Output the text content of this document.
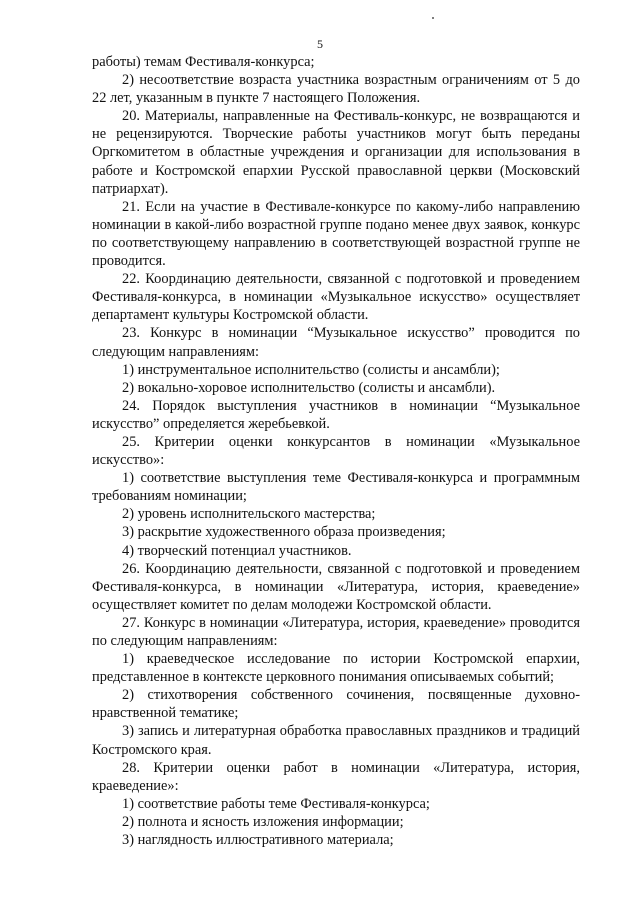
5

работы) темам Фестиваля-конкурса;

2) несоответствие возраста участника возрастным ограничениям от 5 до 22 лет, указанным в пункте 7 настоящего Положения.

20. Материалы, направленные на Фестиваль-конкурс, не возвращаются и не рецензируются. Творческие работы участников могут быть переданы Оргкомитетом в областные учреждения и организации для использования в работе и Костромской епархии Русской православной церкви (Московский патриархат).

21. Если на участие в Фестивале-конкурсе по какому-либо направлению номинации в какой-либо возрастной группе подано менее двух заявок, конкурс по соответствующему направлению в соответствующей возрастной группе не проводится.

22. Координацию деятельности, связанной с подготовкой и проведением Фестиваля-конкурса, в номинации «Музыкальное искусство» осуществляет департамент культуры Костромской области.

23. Конкурс в номинации “Музыкальное искусство” проводится по следующим направлениям:

1) инструментальное исполнительство (солисты и ансамбли);

2) вокально-хоровое исполнительство (солисты и ансамбли).

24. Порядок выступления участников в номинации “Музыкальное искусство” определяется жеребьевкой.

25. Критерии оценки конкурсантов в номинации «Музыкальное искусство»:

1) соответствие выступления теме Фестиваля-конкурса и программным требованиям номинации;

2) уровень исполнительского мастерства;

3) раскрытие художественного образа произведения;

4) творческий потенциал участников.

26. Координацию деятельности, связанной с подготовкой и проведением Фестиваля-конкурса, в номинации «Литература, история, краеведение» осуществляет комитет по делам молодежи Костромской области.

27. Конкурс в номинации «Литература, история, краеведение» проводится по следующим направлениям:

1) краеведческое исследование по истории Костромской епархии, представленное в контексте церковного понимания описываемых событий;

2) стихотворения собственного сочинения, посвященные духовно-нравственной тематике;

3) запись и литературная обработка православных праздников и традиций Костромского края.

28. Критерии оценки работ в номинации «Литература, история, краеведение»:

1) соответствие работы теме Фестиваля-конкурса;

2) полнота и ясность изложения информации;

3) наглядность иллюстративного материала;
